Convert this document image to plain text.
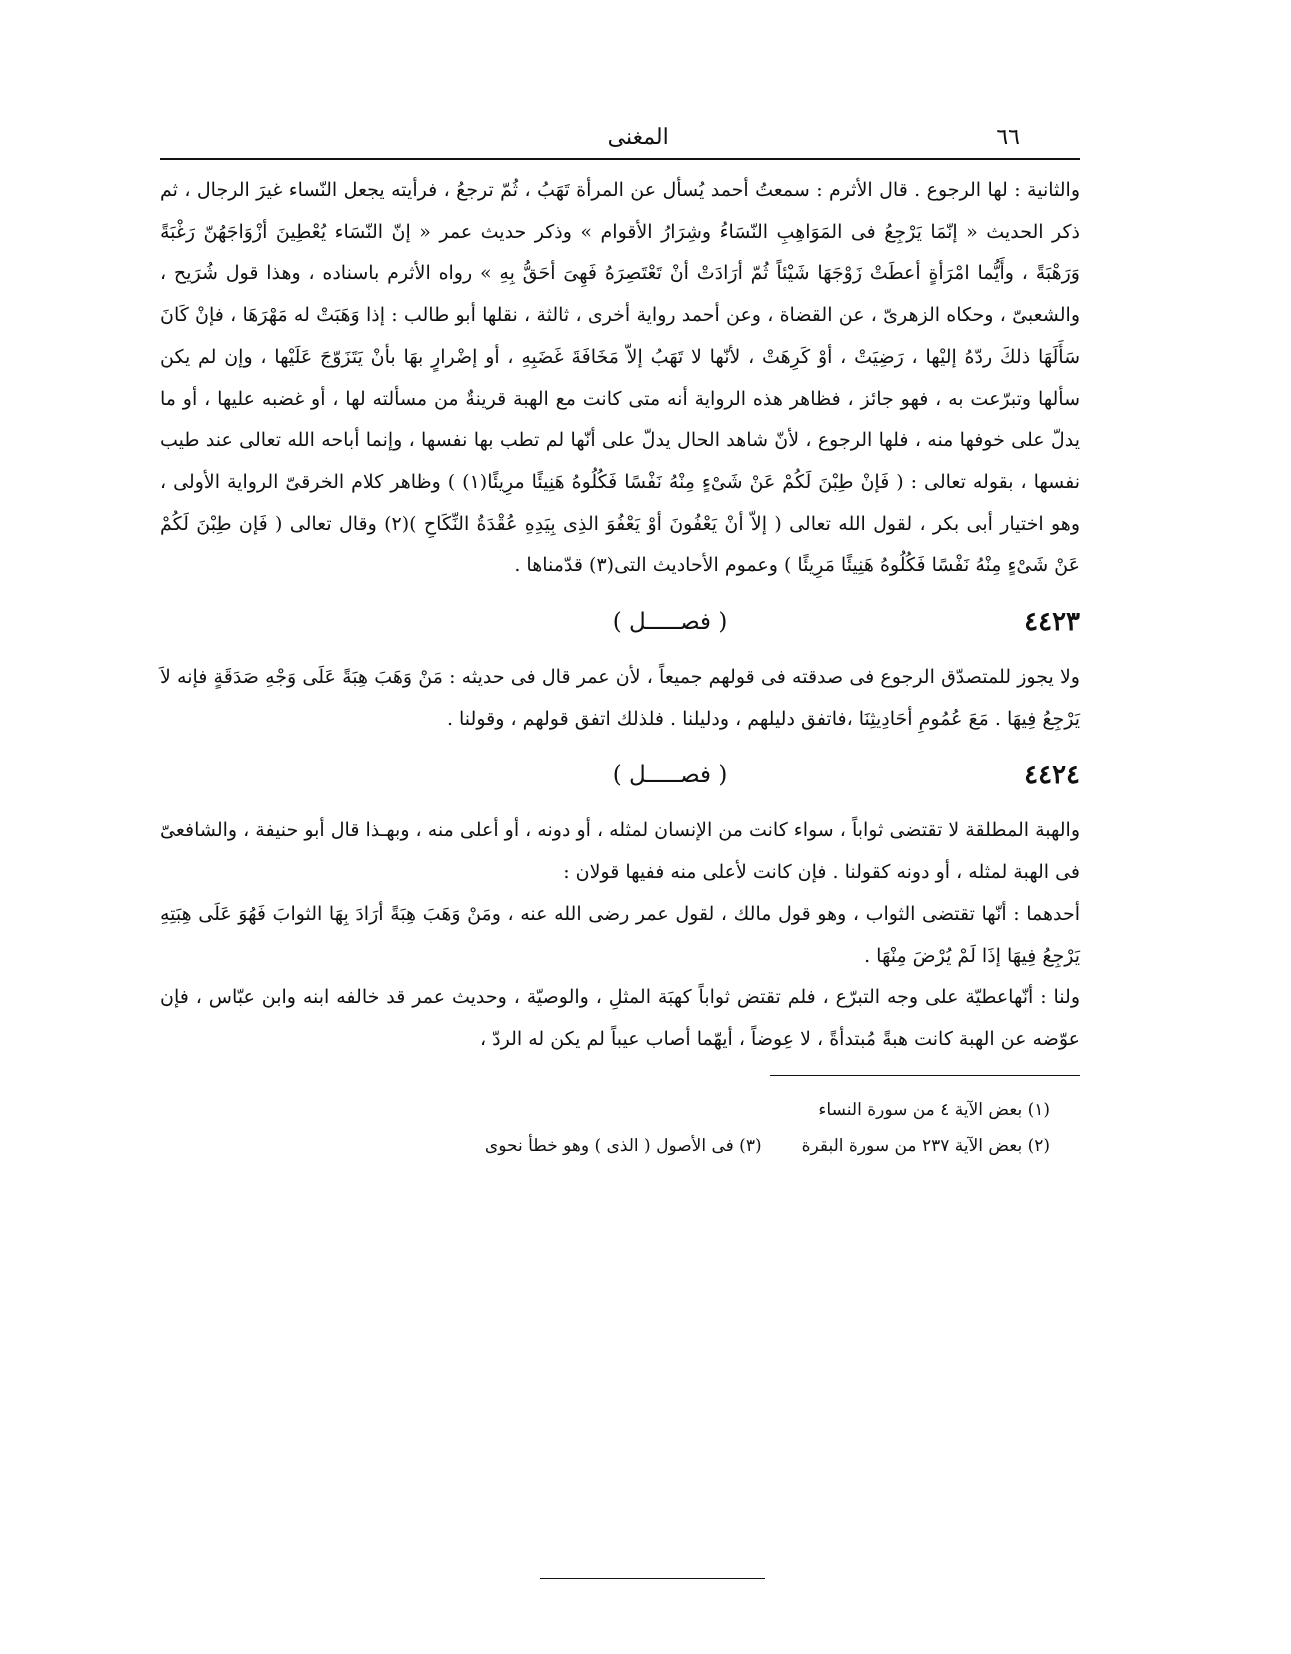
٦٦
المغنى

والثانية : لها الرجوع . قال الأثرم : سمعتُ أحمد يُسأل عن المرأة تَهَبُ ، ثُمّ ترجعُ ، فرأيته يجعل النّساء غيرَ الرجال ، ثم ذكر الحديث « إنّمَا يَرْجِعُ فى المَوَاهِبِ النّسَاءُ وشِرَارُ الأقوام » وذكر حديث عمر « إنّ النّسَاء يُعْطِينَ أزْوَاجَهُنّ رَغْبَةً وَرَهْبَةً ، وأَيُّما امْرَأةٍ أعطَتْ زَوْجَهَا شَيْئاً ثُمّ أرَادَتْ أنْ تَعْتَصِرَهُ فَهِىَ أحَقُّ بِهِ » رواه الأثرم باسناده ، وهذا قول شُرَيح ، والشعبىّ ، وحكاه الزهرىّ ، عن القضاة ، وعن أحمد رواية أخرى ، ثالثة ، نقلها أبو طالب : إذا وَهَبَتْ له مَهْرَهَا ، فإنْ كَانَ سَأَلَهَا ذلكَ ردّهُ إليْها ، رَضِيَتْ ، أوْ كَرِهَتْ ، لأنّها لا تَهَبُ إلاّ مَخَافَةَ غَضَبِهِ ، أو إضْرارٍ بهَا بأنْ يَتَزَوّجَ عَلَيْها ، وإن لم يكن سألها وتبرّعت به ، فهو جائز ، فظاهر هذه الرواية أنه متى كانت مع الهبة قرينةٌ من مسألته لها ، أو غضبه عليها ، أو ما يدلّ على خوفها منه ، فلها الرجوع ، لأنّ شاهد الحال يدلّ على أنّها لم تطب بها نفسها ، وإنما أباحه الله تعالى عند طيب نفسها ، بقوله تعالى : ( فَإنْ طِبْنَ لَكُمْ عَنْ شَىْءٍ مِنْهُ نَفْسًا فَكُلُوهُ هَنِيئًا مرِيئًا(١) ) وظاهر كلام الخرقىّ الرواية الأولى ، وهو اختيار أبى بكر ، لقول الله تعالى ( إلاّ أنْ يَعْفُونَ أوْ يَعْفُوَ الذِى بِيَدِهِ عُقْدَةُ النِّكَاحِ )(٢) وقال تعالى ( فَإن طِبْنَ لَكُمْ عَنْ شَىْءٍ مِنْهُ نَفْسًا فَكُلُوهُ هَنِيئًا مَرِيئًا ) وعموم الأحاديث التى(٣) قدّمناها .

٤٤٢٣
( فصـــــل )

ولا يجوز للمتصدّق الرجوع فى صدقته فى قولهم جميعاً ، لأن عمر قال فى حديثه : مَنْ وَهَبَ هِبَةً عَلَى وَجْهِ صَدَقَةٍ فإنه لاَ يَرْجِعُ فِيهَا . مَعَ عُمُومِ أحَادِيثِنَا ،فاتفق دليلهم ، ودليلنا . فلذلك اتفق قولهم ، وقولنا .

٤٤٢٤
( فصـــــل )

والهبة المطلقة لا تقتضى ثواباً ، سواء كانت من الإنسان لمثله ، أو دونه ، أو أعلى منه ، وبهـذا قال أبو حنيفة ، والشافعىّ فى الهبة لمثله ، أو دونه كقولنا . فإن كانت لأعلى منه ففيها قولان :

أحدهما : أنّها تقتضى الثواب ، وهو قول مالك ، لقول عمر رضى الله عنه ، ومَنْ وَهَبَ هِبَةً أرَادَ بِهَا الثوابَ فَهُوَ عَلَى هِبَتِهِ يَرْجِعُ فِيهَا إذَا لَمْ يُرْضَ مِنْهَا .

ولنا : أنّهاعطيّة على وجه التبرّع ، فلم تقتض ثواباً كهبَة المثلِ ، والوصيّة ، وحديث عمر قد خالفه ابنه وابن عبّاس ، فإن عوّضه عن الهبة كانت هبةً مُبتدأةً ، لا عِوضاً ، أيهّما أصاب عيباً لم يكن له الردّ ،

(١) بعض الآية ٤ من سورة النساء
(٢) بعض الآية ٢٣٧ من سورة البقرة
(٣) فى الأصول ( الذى ) وهو خطأ نحوى
